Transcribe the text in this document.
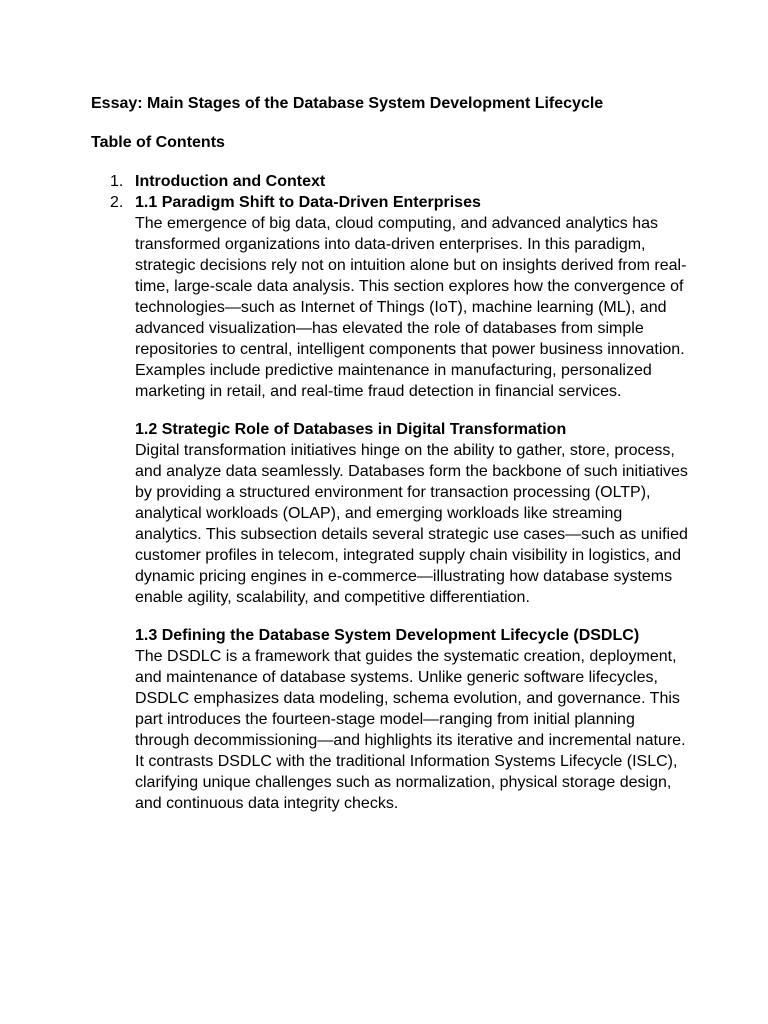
Essay: Main Stages of the Database System Development Lifecycle
Table of Contents
1. Introduction and Context
2. 1.1 Paradigm Shift to Data-Driven Enterprises

The emergence of big data, cloud computing, and advanced analytics has transformed organizations into data-driven enterprises. In this paradigm, strategic decisions rely not on intuition alone but on insights derived from real-time, large-scale data analysis. This section explores how the convergence of technologies—such as Internet of Things (IoT), machine learning (ML), and advanced visualization—has elevated the role of databases from simple repositories to central, intelligent components that power business innovation. Examples include predictive maintenance in manufacturing, personalized marketing in retail, and real-time fraud detection in financial services.

1.2 Strategic Role of Databases in Digital Transformation

Digital transformation initiatives hinge on the ability to gather, store, process, and analyze data seamlessly. Databases form the backbone of such initiatives by providing a structured environment for transaction processing (OLTP), analytical workloads (OLAP), and emerging workloads like streaming analytics. This subsection details several strategic use cases—such as unified customer profiles in telecom, integrated supply chain visibility in logistics, and dynamic pricing engines in e-commerce—illustrating how database systems enable agility, scalability, and competitive differentiation.

1.3 Defining the Database System Development Lifecycle (DSDLC)

The DSDLC is a framework that guides the systematic creation, deployment, and maintenance of database systems. Unlike generic software lifecycles, DSDLC emphasizes data modeling, schema evolution, and governance. This part introduces the fourteen-stage model—ranging from initial planning through decommissioning—and highlights its iterative and incremental nature. It contrasts DSDLC with the traditional Information Systems Lifecycle (ISLC), clarifying unique challenges such as normalization, physical storage design, and continuous data integrity checks.
